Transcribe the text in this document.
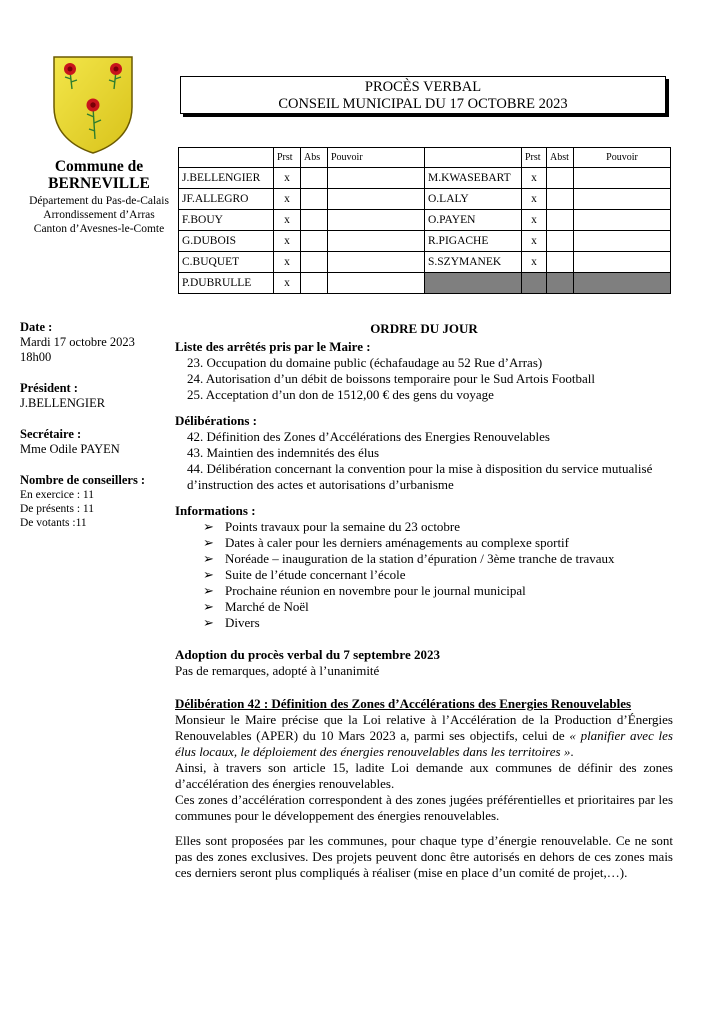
Commune de
BERNEVILLE
Département du Pas-de-Calais
Arrondissement d’Arras
Canton d’Avesnes-le-Comte
PROCÈS VERBAL
CONSEIL MUNICIPAL DU 17 OCTOBRE 2023
	Prst	Abs	Pouvoir		Prst	Abst	Pouvoir
J.BELLENGIER	x			M.KWASEBART	x		
JF.ALLEGRO	x			O.LALY	x		
F.BOUY	x			O.PAYEN	x		
G.DUBOIS	x			R.PIGACHE	x		
C.BUQUET	x			S.SZYMANEK	x		
P.DUBRULLE	x						
Date :
Mardi 17 octobre 2023
18h00
Président :
J.BELLENGIER
Secrétaire :
Mme Odile PAYEN
Nombre de conseillers :
En exercice : 11
De présents : 11
De votants :11
ORDRE DU JOUR
Liste des arrêtés pris par le Maire :
23. Occupation du domaine public (échafaudage au 52 Rue d’Arras)
24. Autorisation d’un débit de boissons temporaire pour le Sud Artois Football
25. Acceptation d’un don de 1512,00 € des gens du voyage
Délibérations :
42. Définition des Zones d’Accélérations des Energies Renouvelables
43. Maintien des indemnités des élus
44. Délibération concernant la convention pour la mise à disposition du service mutualisé d’instruction des actes et autorisations d’urbanisme
Informations :
➢ Points travaux pour la semaine du 23 octobre
➢ Dates à caler pour les derniers aménagements au complexe sportif
➢ Noréade – inauguration de la station d’épuration / 3ème tranche de travaux
➢ Suite de l’étude concernant l’école
➢ Prochaine réunion en novembre pour le journal municipal
➢ Marché de Noël
➢ Divers
Adoption du procès verbal du 7 septembre 2023
Pas de remarques, adopté à l’unanimité
Délibération 42 : Définition des Zones d’Accélérations des Energies Renouvelables
Monsieur le Maire précise que la Loi relative à l’Accélération de la Production d’Énergies Renouvelables (APER) du 10 Mars 2023 a, parmi ses objectifs, celui de « planifier avec les élus locaux, le déploiement des énergies renouvelables dans les territoires ».
Ainsi, à travers son article 15, ladite Loi demande aux communes de définir des zones d’accélération des énergies renouvelables.
Ces zones d’accélération correspondent à des zones jugées préférentielles et prioritaires par les communes pour le développement des énergies renouvelables.
Elles sont proposées par les communes, pour chaque type d’énergie renouvelable. Ce ne sont pas des zones exclusives. Des projets peuvent donc être autorisés en dehors de ces zones mais ces derniers seront plus compliqués à réaliser (mise en place d’un comité de projet,…).
